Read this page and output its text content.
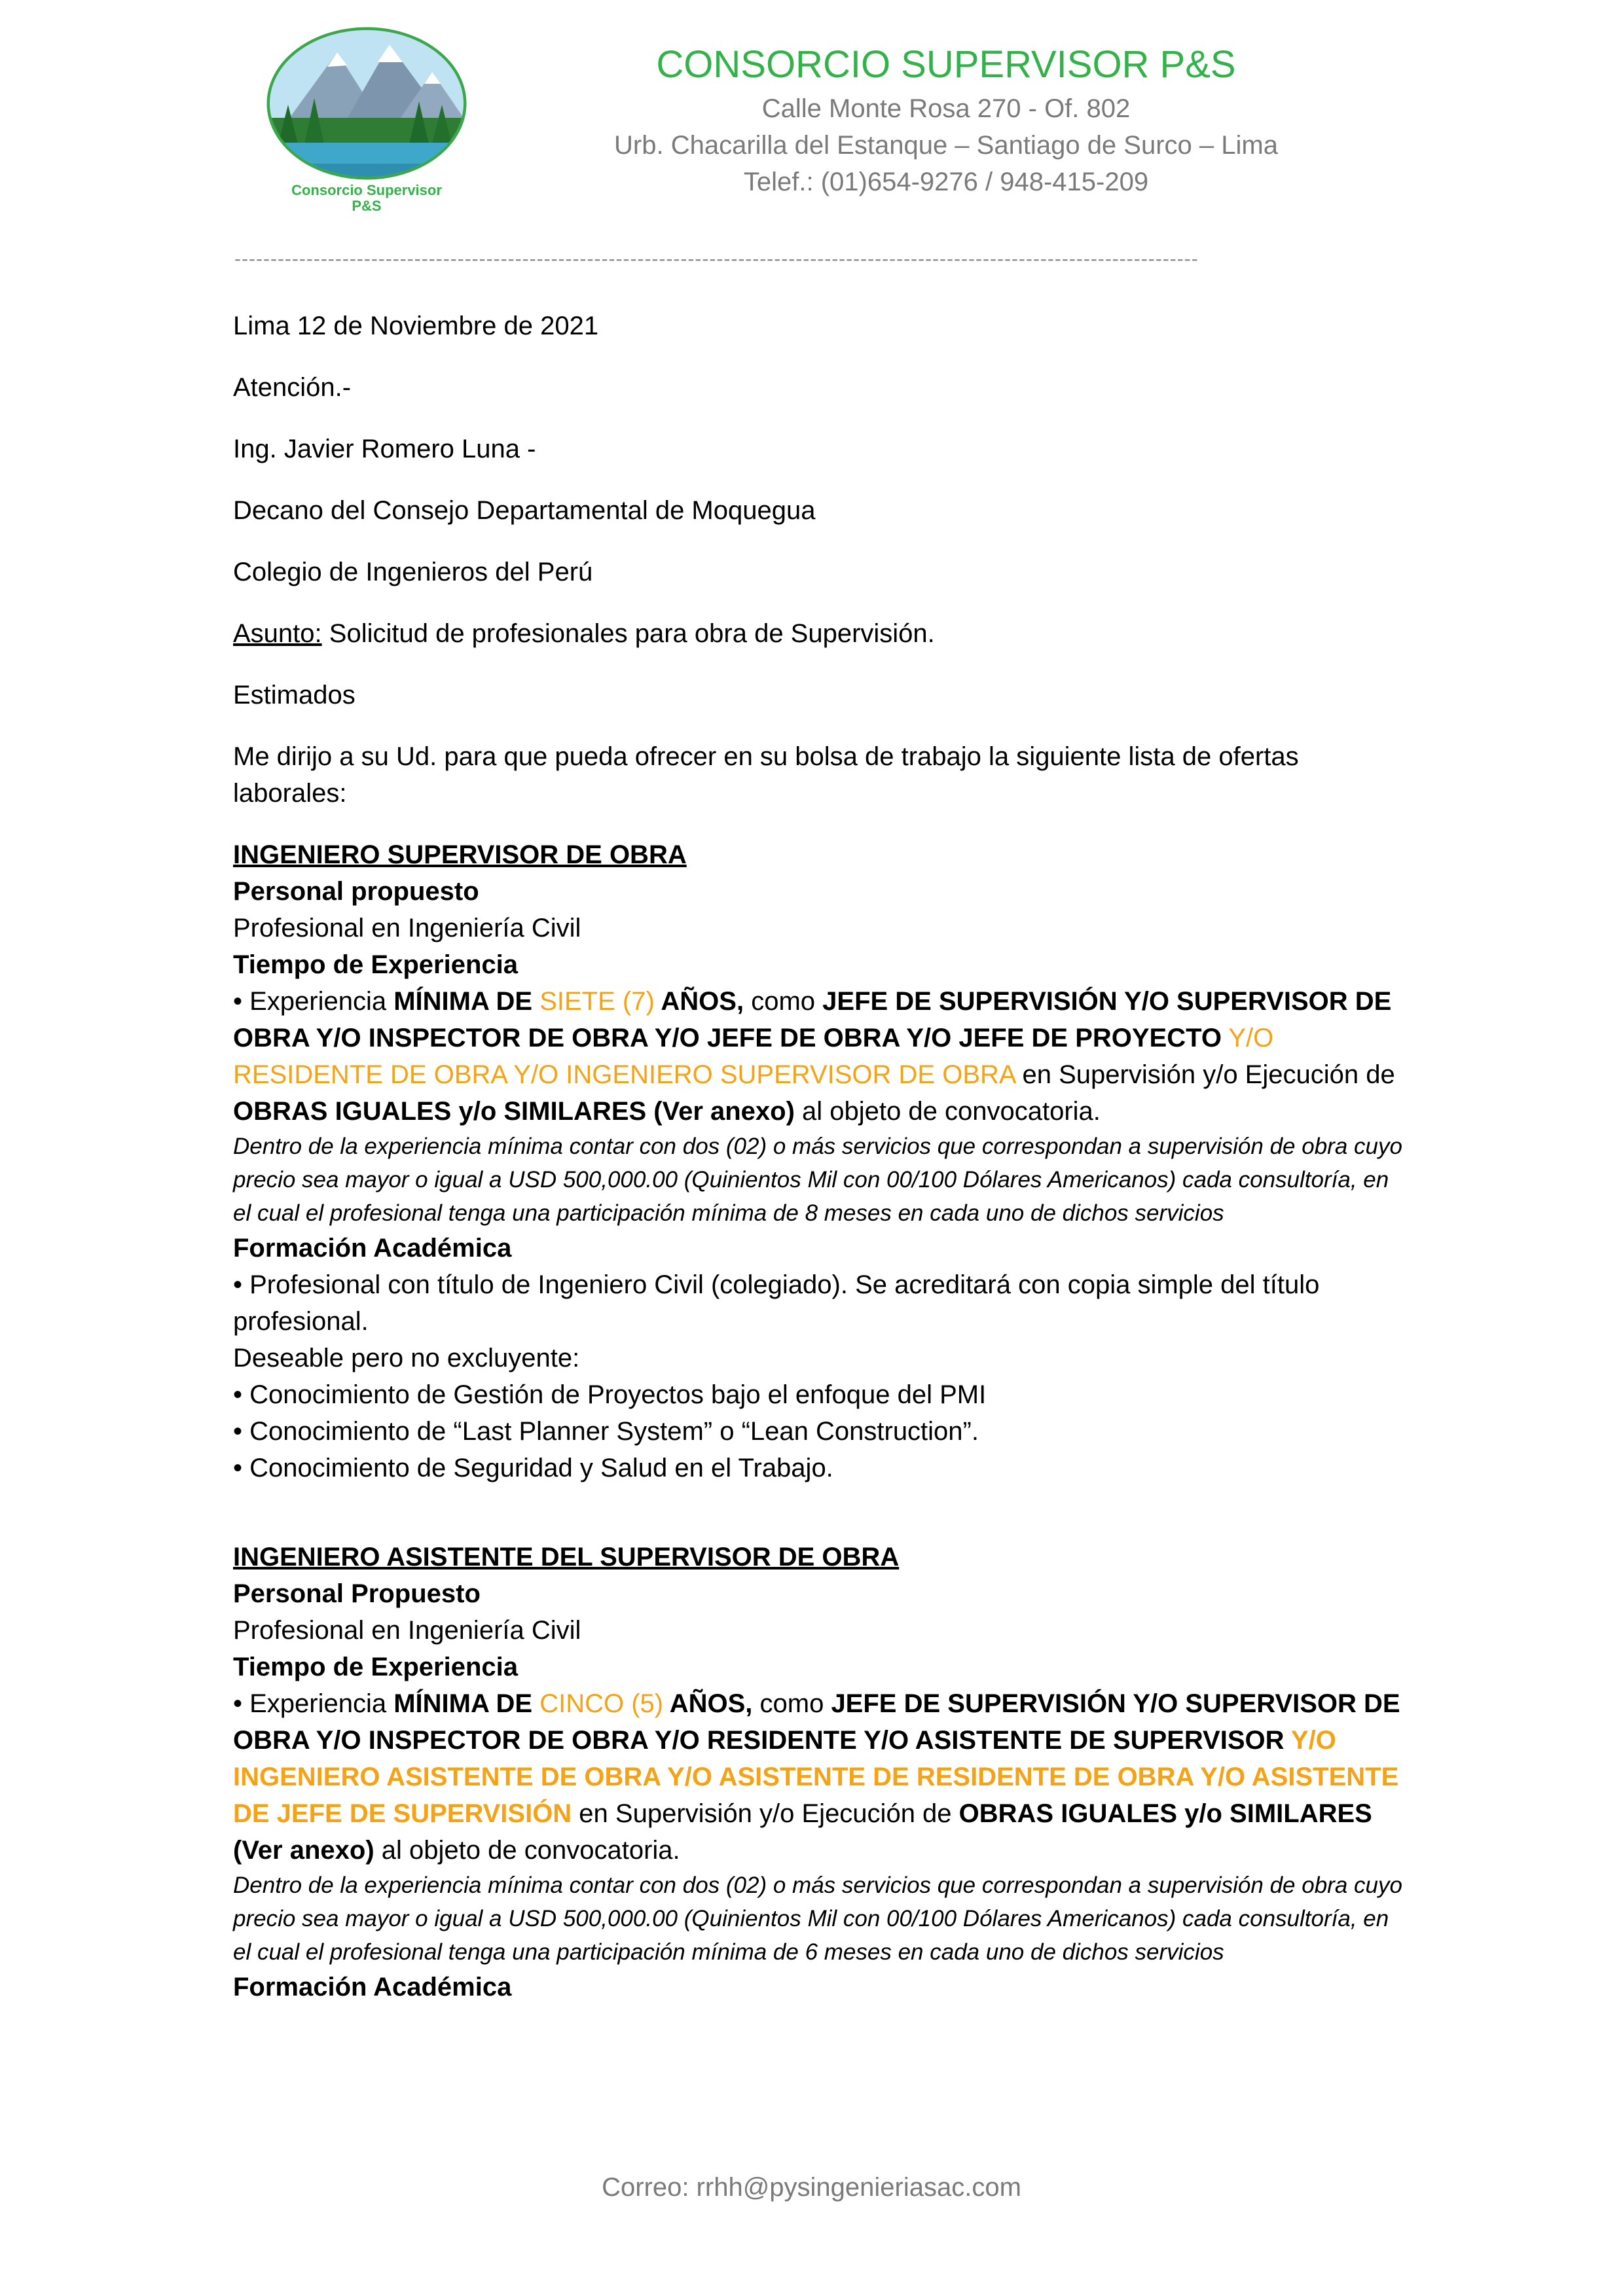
Consorcio Supervisor
P&S
CONSORCIO SUPERVISOR P&S
Calle Monte Rosa 270 - Of. 802
Urb. Chacarilla del Estanque – Santiago de Surco – Lima
Telef.: (01)654-9276 / 948-415-209
--------------------------------------------------------------------------------------------------------------------------------------

Lima 12 de Noviembre de 2021

Atención.-

Ing. Javier Romero Luna -

Decano del Consejo Departamental de Moquegua

Colegio de Ingenieros del Perú

Asunto: Solicitud de profesionales para obra de Supervisión.

Estimados

Me dirijo a su Ud. para que pueda ofrecer en su bolsa de trabajo la siguiente lista de ofertas laborales:

INGENIERO SUPERVISOR DE OBRA

Personal propuesto

Profesional en Ingeniería Civil

Tiempo de Experiencia

• Experiencia MÍNIMA DE SIETE (7) AÑOS, como JEFE DE SUPERVISIÓN Y/O SUPERVISOR DE OBRA Y/O INSPECTOR DE OBRA Y/O JEFE DE OBRA Y/O JEFE DE PROYECTO Y/O RESIDENTE DE OBRA Y/O INGENIERO SUPERVISOR DE OBRA en Supervisión y/o Ejecución de OBRAS IGUALES y/o SIMILARES (Ver anexo) al objeto de convocatoria.

Dentro de la experiencia mínima contar con dos (02) o más servicios que correspondan a supervisión de obra cuyo precio sea mayor o igual a USD 500,000.00 (Quinientos Mil con 00/100 Dólares Americanos) cada consultoría, en el cual el profesional tenga una participación mínima de 8 meses en cada uno de dichos servicios

Formación Académica

• Profesional con título de Ingeniero Civil (colegiado). Se acreditará con copia simple del título profesional.

Deseable pero no excluyente:

• Conocimiento de Gestión de Proyectos bajo el enfoque del PMI

• Conocimiento de “Last Planner System” o “Lean Construction”.

• Conocimiento de Seguridad y Salud en el Trabajo.

INGENIERO ASISTENTE DEL SUPERVISOR DE OBRA

Personal Propuesto

Profesional en Ingeniería Civil

Tiempo de Experiencia

• Experiencia MÍNIMA DE CINCO (5) AÑOS, como JEFE DE SUPERVISIÓN Y/O SUPERVISOR DE OBRA Y/O INSPECTOR DE OBRA Y/O RESIDENTE Y/O ASISTENTE DE SUPERVISOR Y/O INGENIERO ASISTENTE DE OBRA Y/O ASISTENTE DE RESIDENTE DE OBRA Y/O ASISTENTE DE JEFE DE SUPERVISIÓN en Supervisión y/o Ejecución de OBRAS IGUALES y/o SIMILARES (Ver anexo) al objeto de convocatoria.

Dentro de la experiencia mínima contar con dos (02) o más servicios que correspondan a supervisión de obra cuyo precio sea mayor o igual a USD 500,000.00 (Quinientos Mil con 00/100 Dólares Americanos) cada consultoría, en el cual el profesional tenga una participación mínima de 6 meses en cada uno de dichos servicios

Formación Académica

Correo: rrhh@pysingenieriasac.com
